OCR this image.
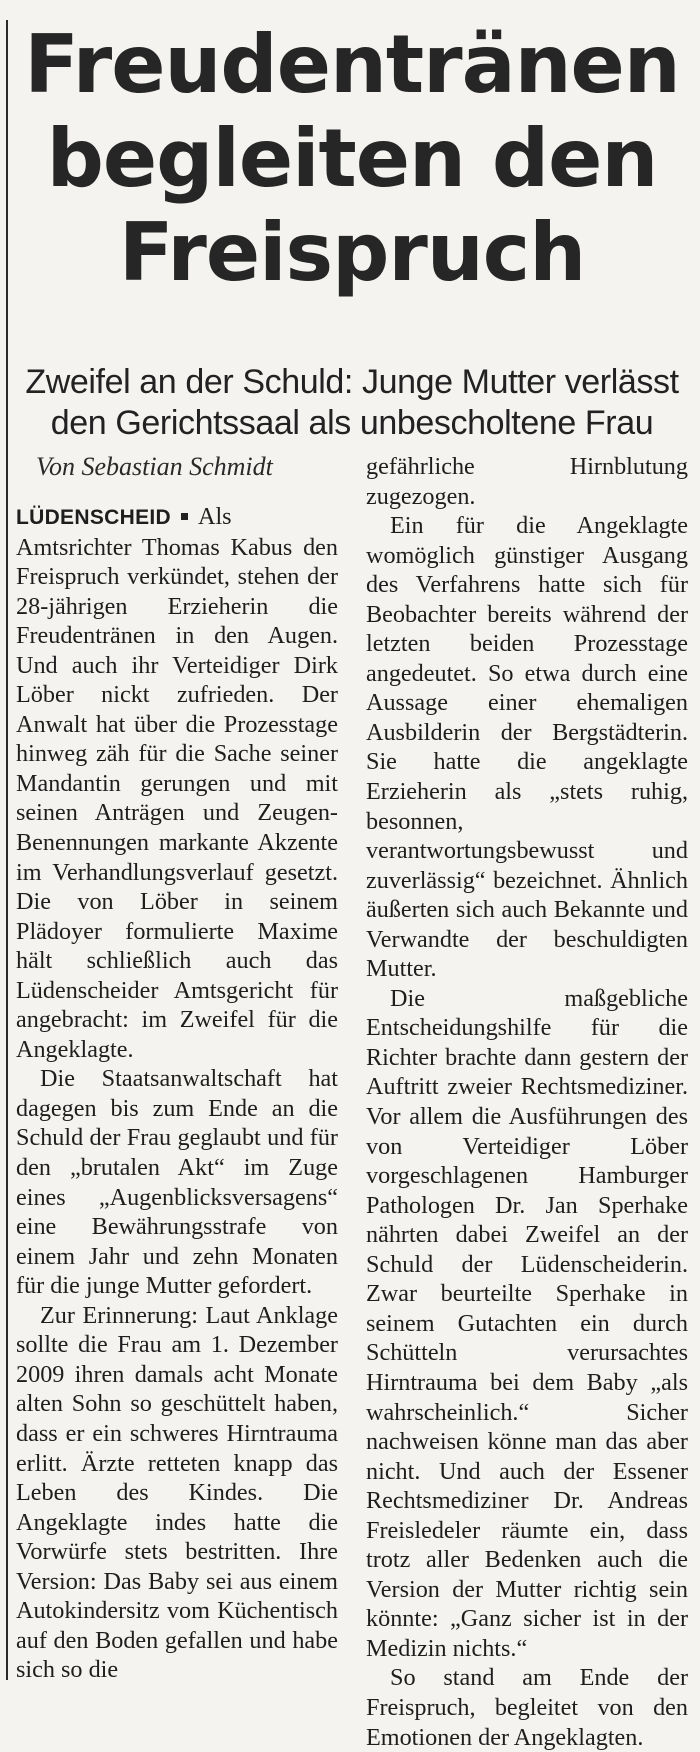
Freudentränen
begleiten den
Freispruch
Zweifel an der Schuld: Junge Mutter verlässt
den Gerichtssaal als unbescholtene Frau
Von Sebastian Schmidt

LÜDENSCHEID Als Amtsrichter Thomas Kabus den Freispruch verkündet, stehen der 28-jährigen Erzieherin die Freudentränen in den Augen. Und auch ihr Verteidiger Dirk Löber nickt zufrieden. Der Anwalt hat über die Prozesstage hinweg zäh für die Sache seiner Mandantin gerungen und mit seinen Anträgen und Zeugen-Benennungen markante Akzente im Verhandlungsverlauf gesetzt. Die von Löber in seinem Plädoyer formulierte Maxime hält schließlich auch das Lüdenscheider Amtsgericht für angebracht: im Zweifel für die Angeklagte.

Die Staatsanwaltschaft hat dagegen bis zum Ende an die Schuld der Frau geglaubt und für den „brutalen Akt“ im Zuge eines „Augenblicksversagens“ eine Bewährungsstrafe von einem Jahr und zehn Monaten für die junge Mutter gefordert.

Zur Erinnerung: Laut Anklage sollte die Frau am 1. Dezember 2009 ihren damals acht Monate alten Sohn so geschüttelt haben, dass er ein schweres Hirntrauma erlitt. Ärzte retteten knapp das Leben des Kindes. Die Angeklagte indes hatte die Vorwürfe stets bestritten. Ihre Version: Das Baby sei aus einem Autokindersitz vom Küchentisch auf den Boden gefallen und habe sich so die

gefährliche Hirnblutung zugezogen.

Ein für die Angeklagte womöglich günstiger Ausgang des Verfahrens hatte sich für Beobachter bereits während der letzten beiden Prozesstage angedeutet. So etwa durch eine Aussage einer ehemaligen Ausbilderin der Bergstädterin. Sie hatte die angeklagte Erzieherin als „stets ruhig, besonnen, verantwortungsbewusst und zuverlässig“ bezeichnet. Ähnlich äußerten sich auch Bekannte und Verwandte der beschuldigten Mutter.

Die maßgebliche Entscheidungshilfe für die Richter brachte dann gestern der Auftritt zweier Rechtsmediziner. Vor allem die Ausführungen des von Verteidiger Löber vorgeschlagenen Hamburger Pathologen Dr. Jan Sperhake nährten dabei Zweifel an der Schuld der Lüdenscheiderin. Zwar beurteilte Sperhake in seinem Gutachten ein durch Schütteln verursachtes Hirntrauma bei dem Baby „als wahrscheinlich.“ Sicher nachweisen könne man das aber nicht. Und auch der Essener Rechtsmediziner Dr. Andreas Freisledeler räumte ein, dass trotz aller Bedenken auch die Version der Mutter richtig sein könnte: „Ganz sicher ist in der Medizin nichts.“

So stand am Ende der Freispruch, begleitet von den Emotionen der Angeklagten.
